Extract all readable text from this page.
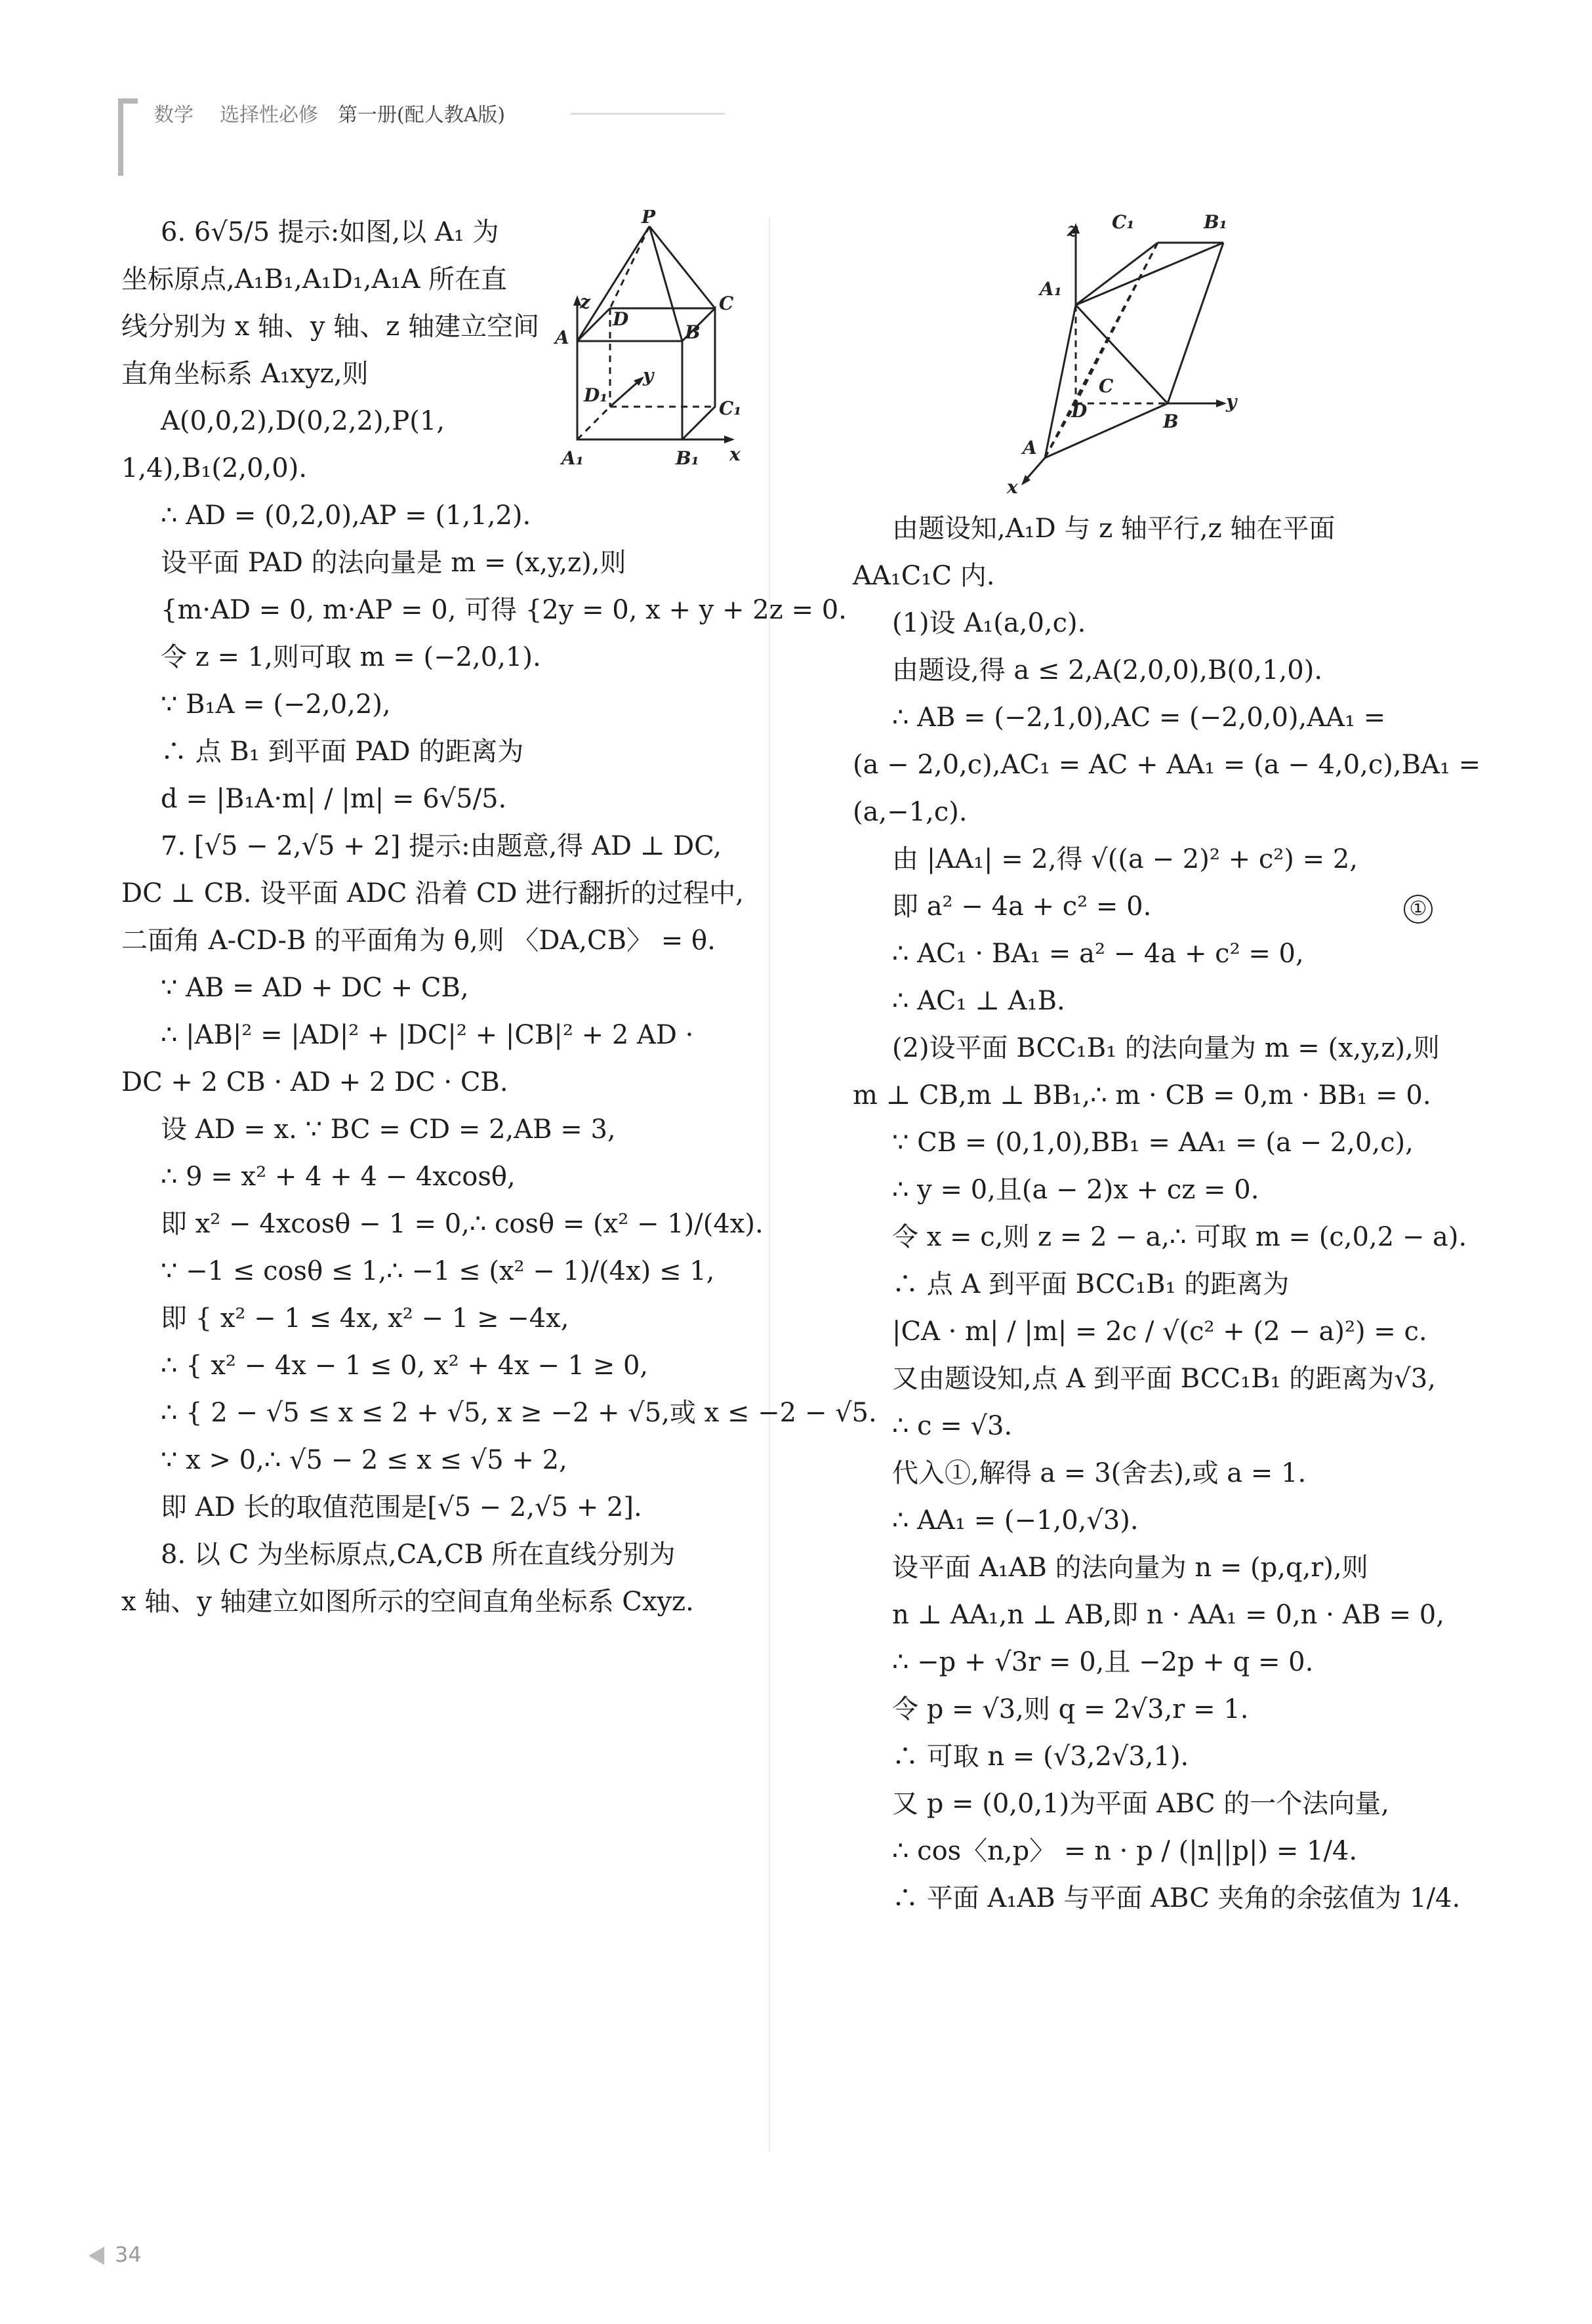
数学 选择性必修 第一册(配人教A版)
P
z
D
C
A	B
D₁
y
C₁
A₁	B₁ x
C₁	B₁
z
A₁
C
D	y
B
A
x

6. 6√5/5 提示:如图,以 A₁ 为

坐标原点,A₁B₁,A₁D₁,A₁A 所在直

线分别为 x 轴、y 轴、z 轴建立空间

直角坐标系 A₁xyz,则

A(0,0,2),D(0,2,2),P(1,

1,4),B₁(2,0,0).

∴ AD = (0,2,0),AP = (1,1,2).

设平面 PAD 的法向量是 m = (x,y,z),则

{m·AD = 0, m·AP = 0, 可得 {2y = 0, x + y + 2z = 0.

令 z = 1,则可取 m = (−2,0,1).

∵ B₁A = (−2,0,2),

∴ 点 B₁ 到平面 PAD 的距离为

d = |B₁A·m| / |m| = 6√5/5.

7. [√5 − 2,√5 + 2] 提示:由题意,得 AD ⊥ DC,

DC ⊥ CB. 设平面 ADC 沿着 CD 进行翻折的过程中,

二面角 A-CD-B 的平面角为 θ,则 〈DA,CB〉 = θ.

∵ AB = AD + DC + CB,

∴ |AB|² = |AD|² + |DC|² + |CB|² + 2 AD ·

DC + 2 CB · AD + 2 DC · CB.

设 AD = x. ∵ BC = CD = 2,AB = 3,

∴ 9 = x² + 4 + 4 − 4xcosθ,

即 x² − 4xcosθ − 1 = 0,∴ cosθ = (x² − 1)/(4x).

∵ −1 ≤ cosθ ≤ 1,∴ −1 ≤ (x² − 1)/(4x) ≤ 1,

即 { x² − 1 ≤ 4x, x² − 1 ≥ −4x,

∴ { x² − 4x − 1 ≤ 0, x² + 4x − 1 ≥ 0,

∴ { 2 − √5 ≤ x ≤ 2 + √5, x ≥ −2 + √5,或 x ≤ −2 − √5.

∵ x > 0,∴ √5 − 2 ≤ x ≤ √5 + 2,

即 AD 长的取值范围是[√5 − 2,√5 + 2].

8. 以 C 为坐标原点,CA,CB 所在直线分别为

x 轴、y 轴建立如图所示的空间直角坐标系 Cxyz.

由题设知,A₁D 与 z 轴平行,z 轴在平面

AA₁C₁C 内.

(1)设 A₁(a,0,c).

由题设,得 a ≤ 2,A(2,0,0),B(0,1,0).

∴ AB = (−2,1,0),AC = (−2,0,0),AA₁ =

(a − 2,0,c),AC₁ = AC + AA₁ = (a − 4,0,c),BA₁ =

(a,−1,c).

由 |AA₁| = 2,得 √((a − 2)² + c²) = 2,

即 a² − 4a + c² = 0.	①

∴ AC₁ · BA₁ = a² − 4a + c² = 0,

∴ AC₁ ⊥ A₁B.

(2)设平面 BCC₁B₁ 的法向量为 m = (x,y,z),则

m ⊥ CB,m ⊥ BB₁,∴ m · CB = 0,m · BB₁ = 0.

∵ CB = (0,1,0),BB₁ = AA₁ = (a − 2,0,c),

∴ y = 0,且(a − 2)x + cz = 0.

令 x = c,则 z = 2 − a,∴ 可取 m = (c,0,2 − a).

∴ 点 A 到平面 BCC₁B₁ 的距离为

|CA · m| / |m| = 2c / √(c² + (2 − a)²) = c.

又由题设知,点 A 到平面 BCC₁B₁ 的距离为√3,

∴ c = √3.

代入①,解得 a = 3(舍去),或 a = 1.

∴ AA₁ = (−1,0,√3).

设平面 A₁AB 的法向量为 n = (p,q,r),则

n ⊥ AA₁,n ⊥ AB,即 n · AA₁ = 0,n · AB = 0,

∴ −p + √3r = 0,且 −2p + q = 0.

令 p = √3,则 q = 2√3,r = 1.

∴ 可取 n = (√3,2√3,1).

又 p = (0,0,1)为平面 ABC 的一个法向量,

∴ cos〈n,p〉 = n · p / (|n||p|) = 1/4.

∴ 平面 A₁AB 与平面 ABC 夹角的余弦值为 1/4.

34
